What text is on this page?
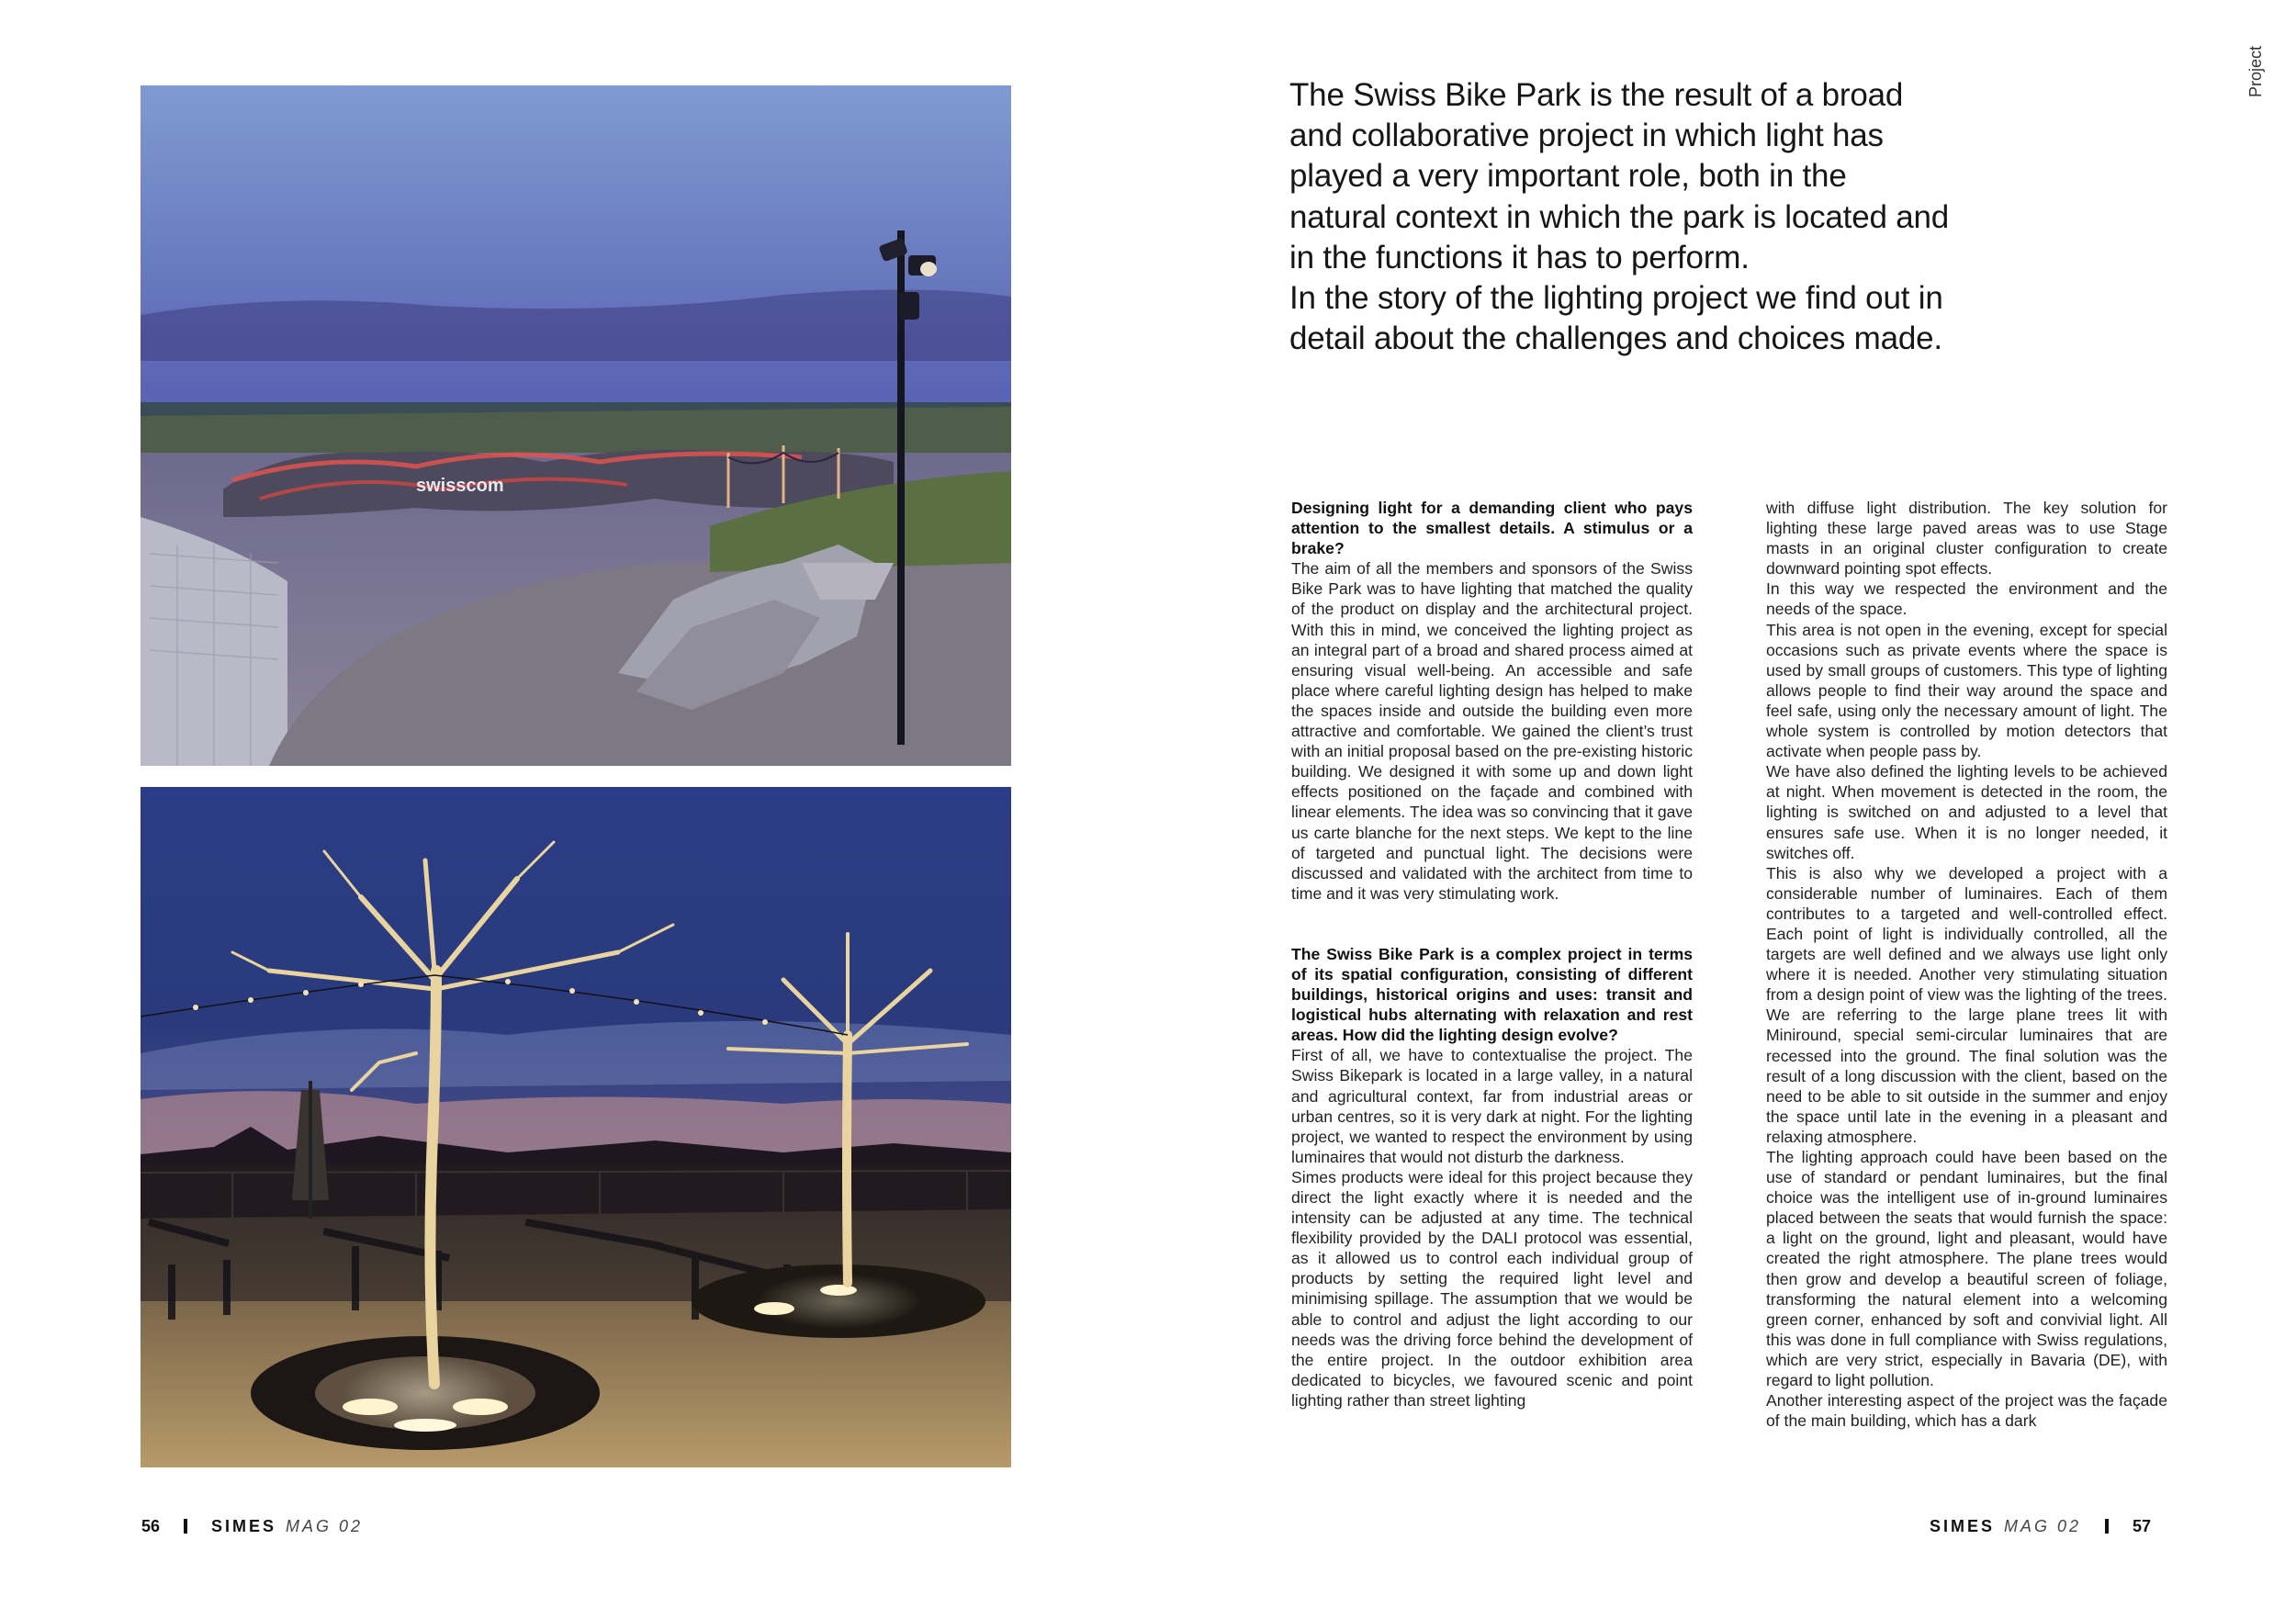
Project
swisscom

The Swiss Bike Park is the result of a broad and collaborative project in which light has played a very important role, both in the natural context in which the park is located and in the functions it has to perform.

In the story of the lighting project we find out in detail about the challenges and choices made.

Designing light for a demanding client who pays attention to the smallest details. A stimulus or a brake?

The aim of all the members and sponsors of the Swiss Bike Park was to have lighting that matched the quality of the product on display and the architectural project. With this in mind, we conceived the lighting project as an integral part of a broad and shared process aimed at ensuring visual well-being. An accessible and safe place where careful lighting design has helped to make the spaces inside and outside the building even more attractive and comfortable. We gained the client’s trust with an initial proposal based on the pre-existing historic building. We designed it with some up and down light effects positioned on the façade and combined with linear elements. The idea was so convincing that it gave us carte blanche for the next steps. We kept to the line of targeted and punctual light. The decisions were discussed and validated with the architect from time to time and it was very stimulating work.

The Swiss Bike Park is a complex project in terms of its spatial configuration, consisting of different buildings, historical origins and uses: transit and logistical hubs alternating with relaxation and rest areas. How did the lighting design evolve?

First of all, we have to contextualise the project. The Swiss Bikepark is located in a large valley, in a natural and agricultural context, far from industrial areas or urban centres, so it is very dark at night. For the lighting project, we wanted to respect the environment by using luminaires that would not disturb the darkness.

Simes products were ideal for this project because they direct the light exactly where it is needed and the intensity can be adjusted at any time. The technical flexibility provided by the DALI protocol was essential, as it allowed us to control each individual group of products by setting the required light level and minimising spillage. The assumption that we would be able to control and adjust the light according to our needs was the driving force behind the development of the entire project. In the outdoor exhibition area dedicated to bicycles, we favoured scenic and point lighting rather than street lighting

with diffuse light distribution. The key solution for lighting these large paved areas was to use Stage masts in an original cluster configuration to create downward pointing spot effects.

In this way we respected the environment and the needs of the space.

This area is not open in the evening, except for special occasions such as private events where the space is used by small groups of customers. This type of lighting allows people to find their way around the space and feel safe, using only the necessary amount of light. The whole system is controlled by motion detectors that activate when people pass by.

We have also defined the lighting levels to be achieved at night. When movement is detected in the room, the lighting is switched on and adjusted to a level that ensures safe use. When it is no longer needed, it switches off.

This is also why we developed a project with a considerable number of luminaires. Each of them contributes to a targeted and well-controlled effect. Each point of light is individually controlled, all the targets are well defined and we always use light only where it is needed. Another very stimulating situation from a design point of view was the lighting of the trees. We are referring to the large plane trees lit with Miniround, special semi-circular luminaires that are recessed into the ground. The final solution was the result of a long discussion with the client, based on the need to be able to sit outside in the summer and enjoy the space until late in the evening in a pleasant and relaxing atmosphere.

The lighting approach could have been based on the use of standard or pendant luminaires, but the final choice was the intelligent use of in-ground luminaires placed between the seats that would furnish the space: a light on the ground, light and pleasant, would have created the right atmosphere. The plane trees would then grow and develop a beautiful screen of foliage, transforming the natural element into a welcoming green corner, enhanced by soft and convivial light. All this was done in full compliance with Swiss regulations, which are very strict, especially in Bavaria (DE), with regard to light pollution.

Another interesting aspect of the project was the façade of the main building, which has a dark

56	SIMES MAG 02	SIMES MAG 02	57
